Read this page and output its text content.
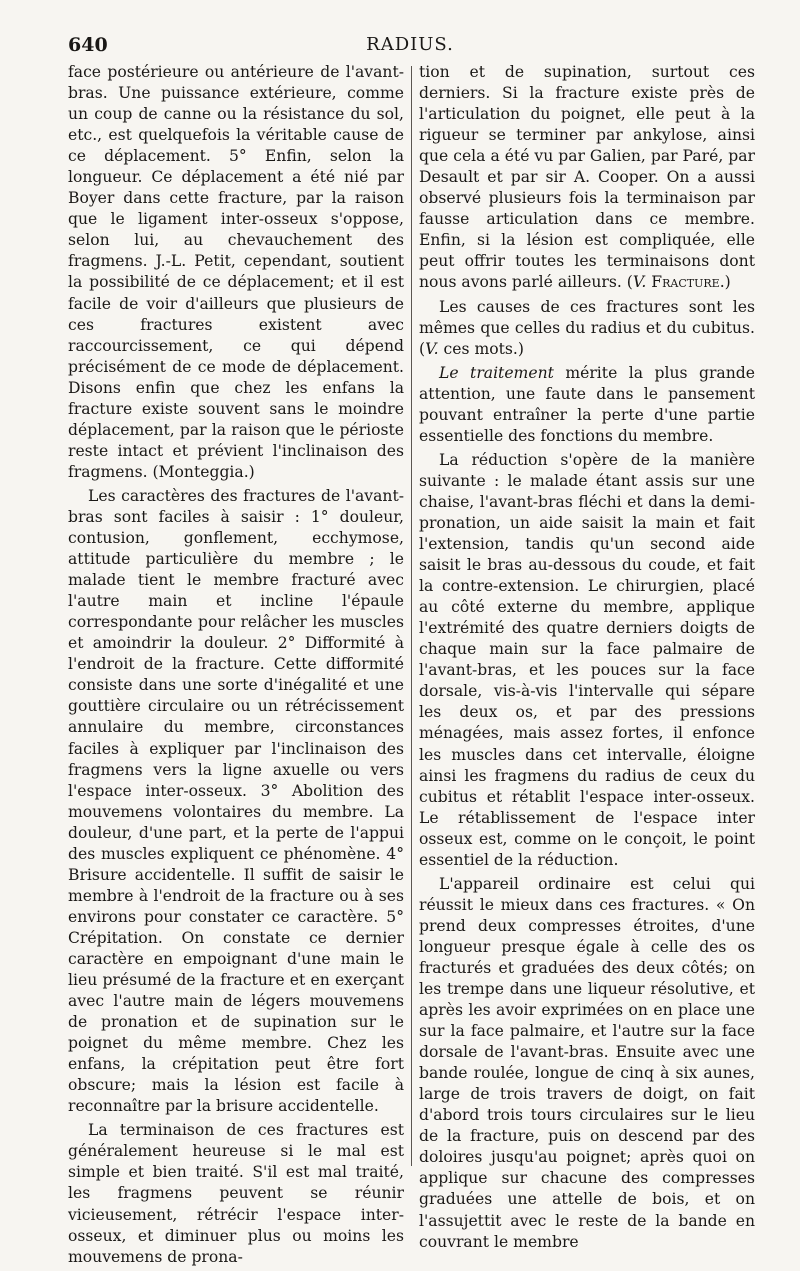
640	RADIUS.

face postérieure ou antérieure de l'avant-bras. Une puissance extérieure, comme un coup de canne ou la résistance du sol, etc., est quelquefois la véritable cause de ce déplacement. 5° Enfin, selon la longueur. Ce déplacement a été nié par Boyer dans cette fracture, par la raison que le ligament inter-osseux s'oppose, selon lui, au chevauchement des fragmens. J.-L. Petit, cependant, soutient la possibilité de ce déplacement; et il est facile de voir d'ailleurs que plusieurs de ces fractures existent avec raccourcissement, ce qui dépend précisément de ce mode de déplacement. Disons enfin que chez les enfans la fracture existe souvent sans le moindre déplacement, par la raison que le périoste reste intact et prévient l'inclinaison des fragmens. (Monteggia.)

Les caractères des fractures de l'avant-bras sont faciles à saisir : 1° douleur, contusion, gonflement, ecchymose, attitude particulière du membre ; le malade tient le membre fracturé avec l'autre main et incline l'épaule correspondante pour relâcher les muscles et amoindrir la douleur. 2° Difformité à l'endroit de la fracture. Cette difformité consiste dans une sorte d'inégalité et une gouttière circulaire ou un rétrécissement annulaire du membre, circonstances faciles à expliquer par l'inclinaison des fragmens vers la ligne axuelle ou vers l'espace inter-osseux. 3° Abolition des mouvemens volontaires du membre. La douleur, d'une part, et la perte de l'appui des muscles expliquent ce phénomène. 4° Brisure accidentelle. Il suffit de saisir le membre à l'endroit de la fracture ou à ses environs pour constater ce caractère. 5° Crépitation. On constate ce dernier caractère en empoignant d'une main le lieu présumé de la fracture et en exerçant avec l'autre main de légers mouvemens de pronation et de supination sur le poignet du même membre. Chez les enfans, la crépitation peut être fort obscure; mais la lésion est facile à reconnaître par la brisure accidentelle.

La terminaison de ces fractures est généralement heureuse si le mal est simple et bien traité. S'il est mal traité, les fragmens peuvent se réunir vicieusement, rétrécir l'espace inter-osseux, et diminuer plus ou moins les mouvemens de prona-

tion et de supination, surtout ces derniers. Si la fracture existe près de l'articulation du poignet, elle peut à la rigueur se terminer par ankylose, ainsi que cela a été vu par Galien, par Paré, par Desault et par sir A. Cooper. On a aussi observé plusieurs fois la terminaison par fausse articulation dans ce membre. Enfin, si la lésion est compliquée, elle peut offrir toutes les terminaisons dont nous avons parlé ailleurs. (V. Fracture.)

Les causes de ces fractures sont les mêmes que celles du radius et du cubitus. (V. ces mots.)

Le traitement mérite la plus grande attention, une faute dans le pansement pouvant entraîner la perte d'une partie essentielle des fonctions du membre.

La réduction s'opère de la manière suivante : le malade étant assis sur une chaise, l'avant-bras fléchi et dans la demi-pronation, un aide saisit la main et fait l'extension, tandis qu'un second aide saisit le bras au-dessous du coude, et fait la contre-extension. Le chirurgien, placé au côté externe du membre, applique l'extrémité des quatre derniers doigts de chaque main sur la face palmaire de l'avant-bras, et les pouces sur la face dorsale, vis-à-vis l'intervalle qui sépare les deux os, et par des pressions ménagées, mais assez fortes, il enfonce les muscles dans cet intervalle, éloigne ainsi les fragmens du radius de ceux du cubitus et rétablit l'espace inter-osseux. Le rétablissement de l'espace inter osseux est, comme on le conçoit, le point essentiel de la réduction.

L'appareil ordinaire est celui qui réussit le mieux dans ces fractures. « On prend deux compresses étroites, d'une longueur presque égale à celle des os fracturés et graduées des deux côtés; on les trempe dans une liqueur résolutive, et après les avoir exprimées on en place une sur la face palmaire, et l'autre sur la face dorsale de l'avant-bras. Ensuite avec une bande roulée, longue de cinq à six aunes, large de trois travers de doigt, on fait d'abord trois tours circulaires sur le lieu de la fracture, puis on descend par des doloires jusqu'au poignet; après quoi on applique sur chacune des compresses graduées une attelle de bois, et on l'assujettit avec le reste de la bande en couvrant le membre
